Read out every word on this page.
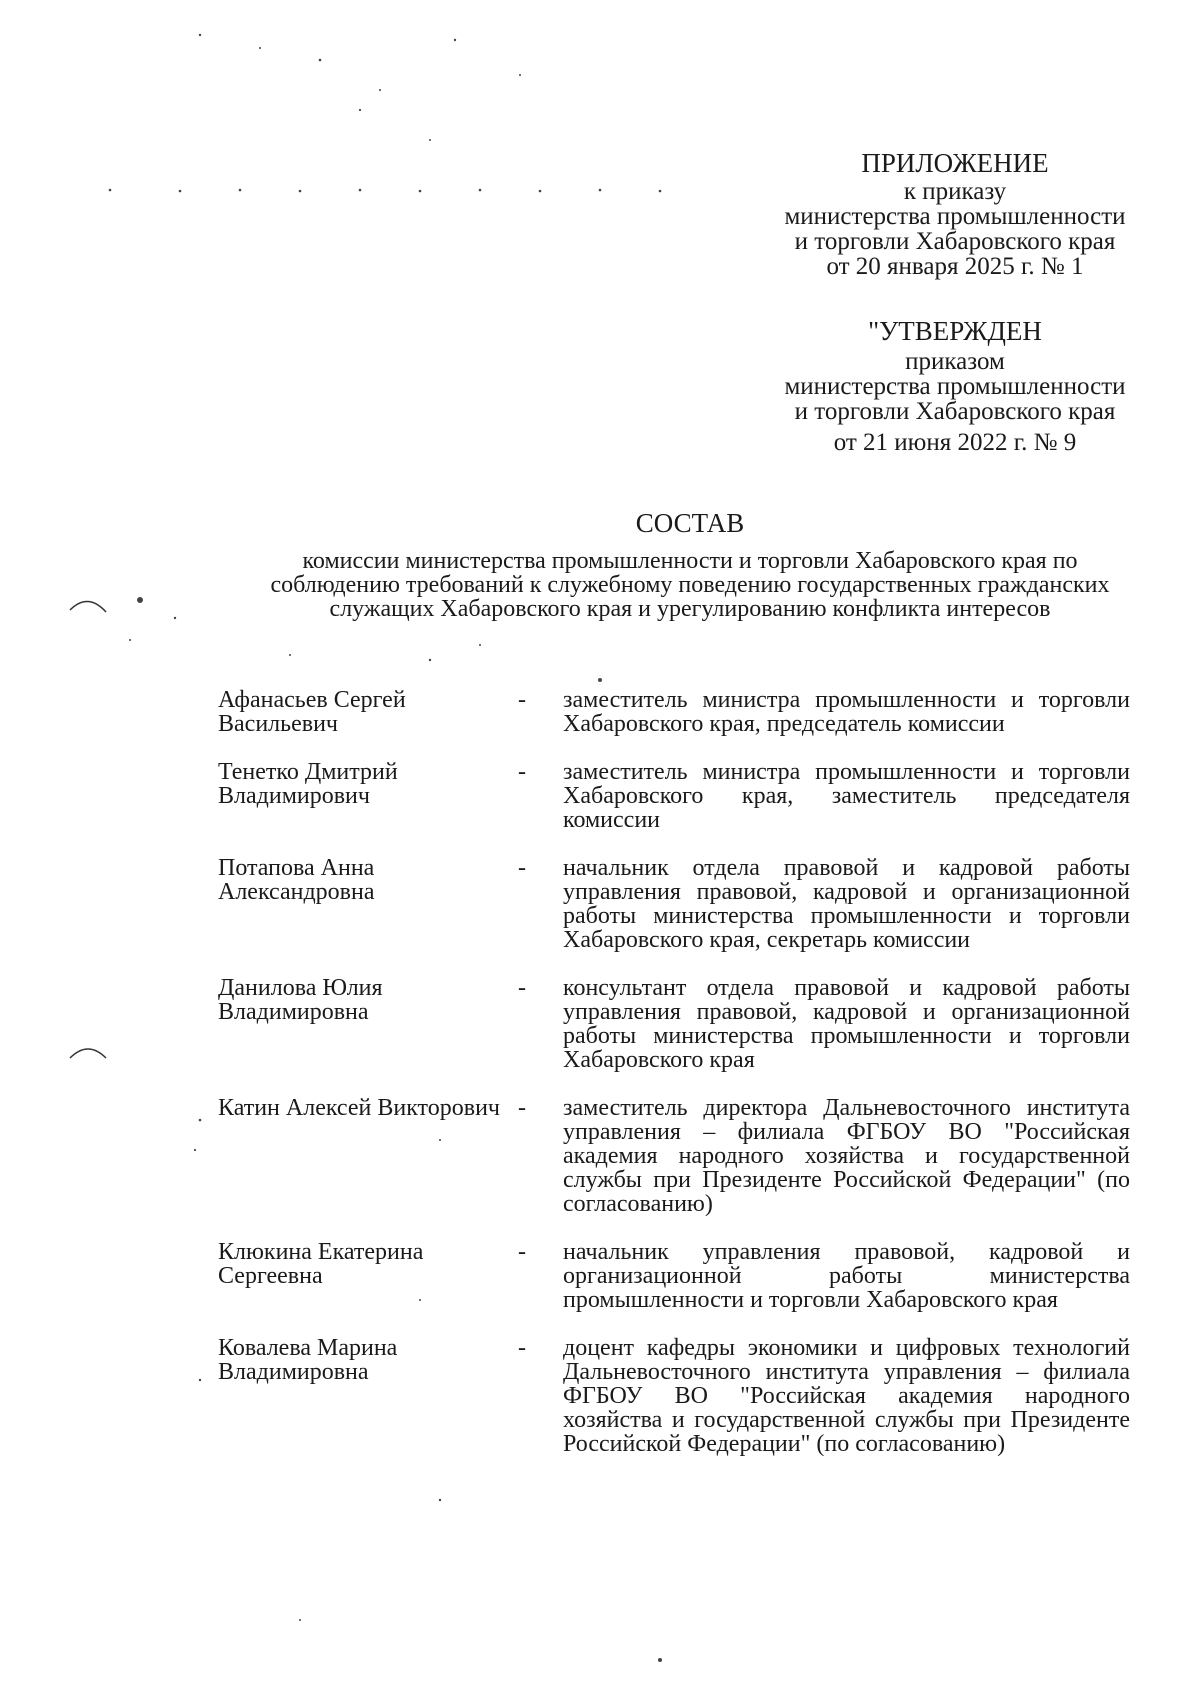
ПРИЛОЖЕНИЕ
к приказу
министерства промышленности
и торговли Хабаровского края
от 20 января 2025 г. № 1
"УТВЕРЖДЕН
приказом
министерства промышленности
и торговли Хабаровского края
от 21 июня 2022 г. № 9
СОСТАВ
комиссии министерства промышленности и торговли Хабаровского края по соблюдению требований к служебному поведению государственных гражданских служащих Хабаровского края и урегулированию конфликта интересов
Афанасьев Сергей Васильевич
-	заместитель министра промышленности и торговли Хабаровского края, председатель комиссии
Тенетко Дмитрий Владимирович
-	заместитель министра промышленности и торговли Хабаровского края, заместитель председателя комиссии
Потапова Анна Александровна
-	начальник отдела правовой и кадровой работы управления правовой, кадровой и организационной работы министерства промышленности и торговли Хабаровского края, секретарь комиссии
Данилова Юлия Владимировна
-	консультант отдела правовой и кадровой работы управления правовой, кадровой и организационной работы министерства промышленности и торговли Хабаровского края
Катин Алексей Викторович -	заместитель директора Дальневосточного института управления – филиала ФГБОУ ВО "Российская академия народного хозяйства и государственной службы при Президенте Российской Федерации" (по согласованию)
Клюкина Екатерина Сергеевна
-	начальник управления правовой, кадровой и организационной работы министерства промышленности и торговли Хабаровского края
Ковалева Марина Владимировна
-	доцент кафедры экономики и цифровых технологий Дальневосточного института управления – филиала ФГБОУ ВО "Российская академия народного хозяйства и государственной службы при Президенте Российской Федерации" (по согласованию)
